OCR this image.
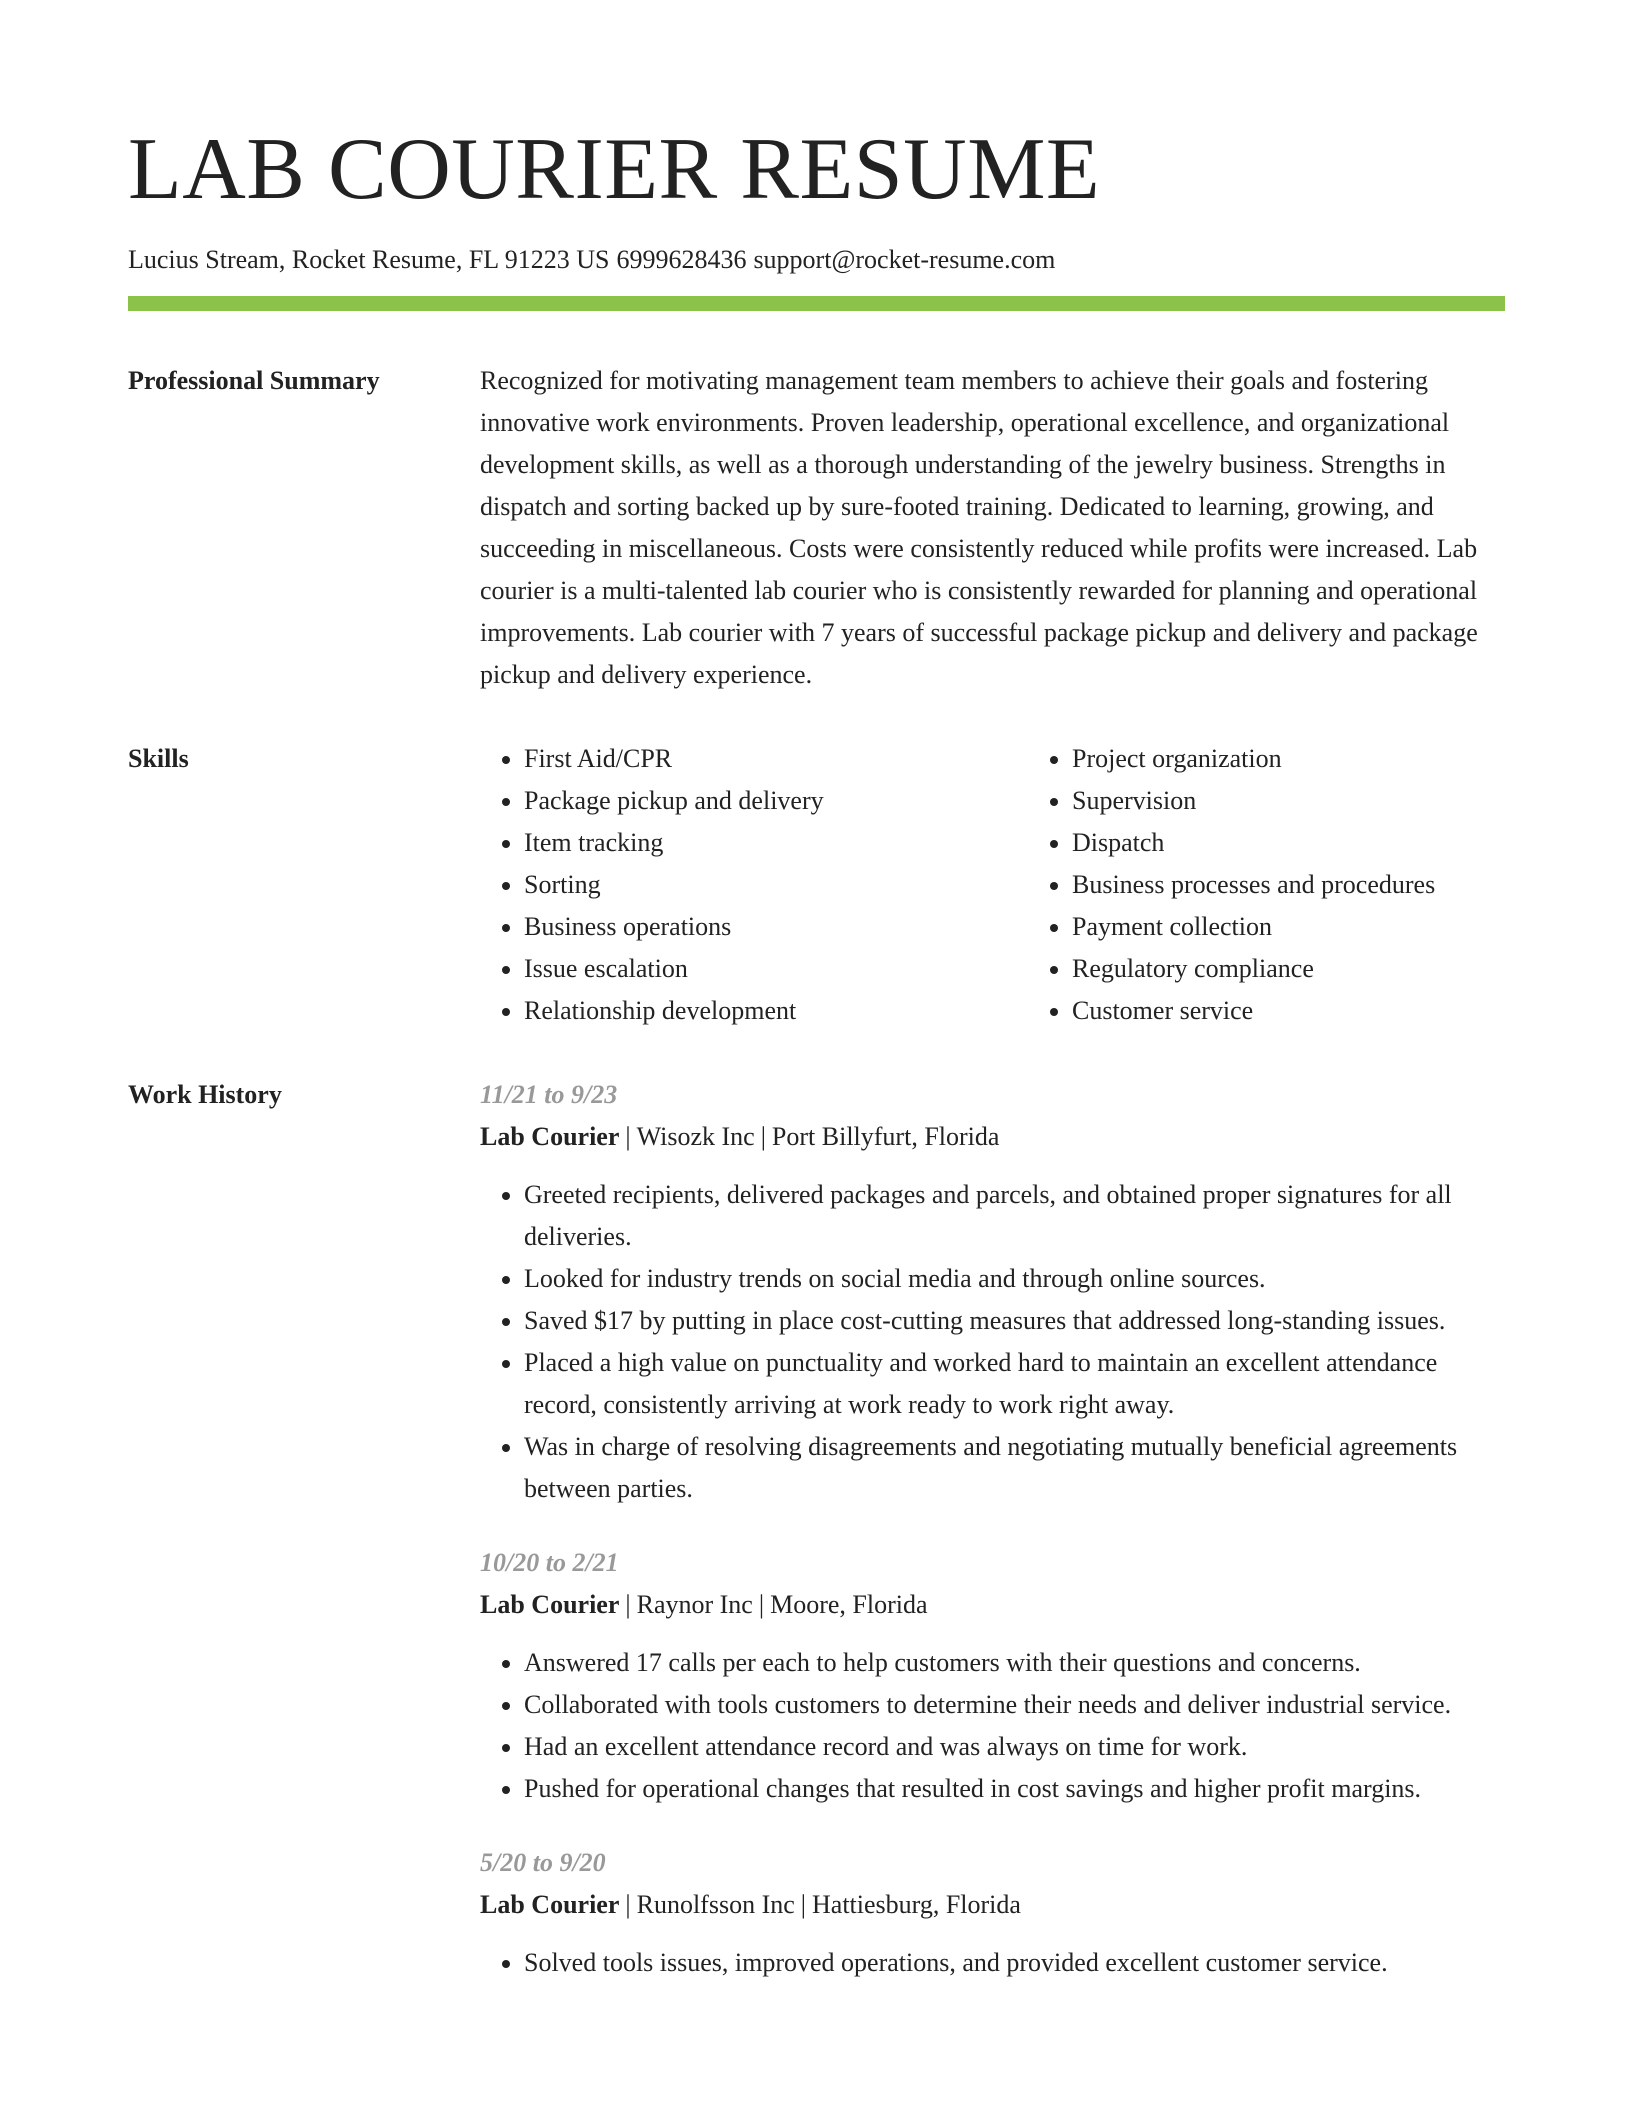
LAB COURIER RESUME
Lucius Stream, Rocket Resume, FL 91223 US 6999628436 support@rocket-resume.com
Professional Summary	Recognized for motivating management team members to achieve their goals and fostering innovative work environments. Proven leadership, operational excellence, and organizational development skills, as well as a thorough understanding of the jewelry business. Strengths in dispatch and sorting backed up by sure-footed training. Dedicated to learning, growing, and succeeding in miscellaneous. Costs were consistently reduced while profits were increased. Lab courier is a multi-talented lab courier who is consistently rewarded for planning and operational improvements. Lab courier with 7 years of successful package pickup and delivery and package pickup and delivery experience.

Skills
•	First Aid/CPR
• Package pickup and delivery
• Item tracking
• Sorting
• Business operations
• Issue escalation
• Relationship development
• Project organization
• Supervision
• Dispatch
• Business processes and procedures
• Payment collection
• Regulatory compliance
• Customer service
Work History	11/21 to 9/23
Lab Courier | Wisozk Inc | Port Billyfurt, Florida
• Greeted recipients, delivered packages and parcels, and obtained proper signatures for all deliveries.
• Looked for industry trends on social media and through online sources.
• Saved $17 by putting in place cost-cutting measures that addressed long-standing issues.
• Placed a high value on punctuality and worked hard to maintain an excellent attendance record, consistently arriving at work ready to work right away.
• Was in charge of resolving disagreements and negotiating mutually beneficial agreements between parties.
10/20 to 2/21
Lab Courier | Raynor Inc | Moore, Florida
• Answered 17 calls per each to help customers with their questions and concerns.
• Collaborated with tools customers to determine their needs and deliver industrial service.
• Had an excellent attendance record and was always on time for work.
• Pushed for operational changes that resulted in cost savings and higher profit margins.
5/20 to 9/20
Lab Courier | Runolfsson Inc | Hattiesburg, Florida
• Solved tools issues, improved operations, and provided excellent customer service.
